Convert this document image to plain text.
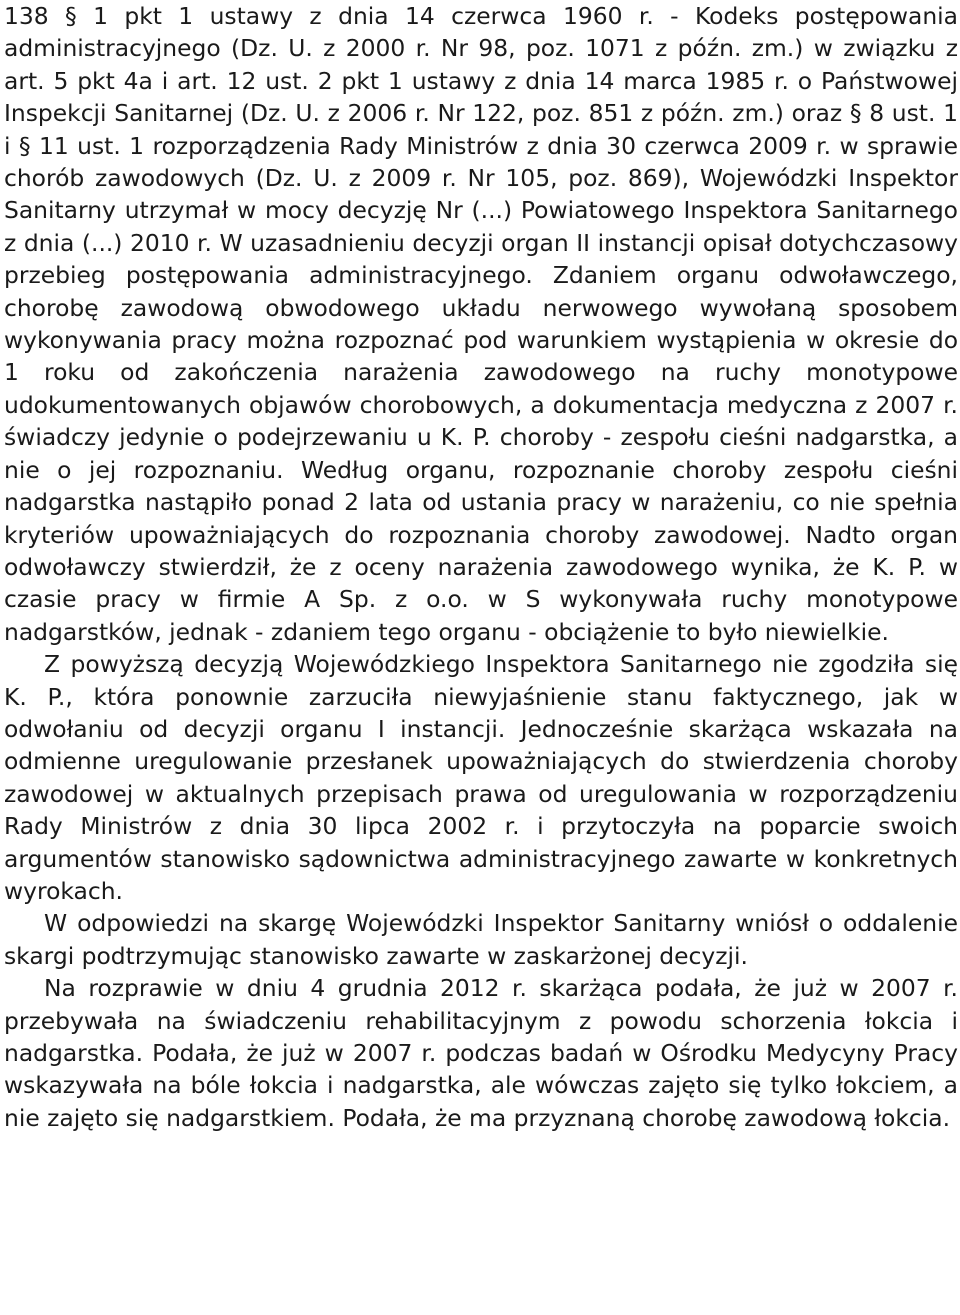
138 § 1 pkt 1 ustawy z dnia 14 czerwca 1960 r. - Kodeks postępowania administracyjnego (Dz. U. z 2000 r. Nr 98, poz. 1071 z późn. zm.) w związku z art. 5 pkt 4a i art. 12 ust. 2 pkt 1 ustawy z dnia 14 marca 1985 r. o Państwowej Inspekcji Sanitarnej (Dz. U. z 2006 r. Nr 122, poz. 851 z późn. zm.) oraz § 8 ust. 1 i § 11 ust. 1 rozporządzenia Rady Ministrów z dnia 30 czerwca 2009 r. w sprawie chorób zawodowych (Dz. U. z 2009 r. Nr 105, poz. 869), Wojewódzki Inspektor Sanitarny utrzymał w mocy decyzję Nr (...) Powiatowego Inspektora Sanitarnego z dnia (...) 2010 r. W uzasadnieniu decyzji organ II instancji opisał dotychczasowy przebieg postępowania administracyjnego. Zdaniem organu odwoławczego, chorobę zawodową obwodowego układu nerwowego wywołaną sposobem wykonywania pracy można rozpoznać pod warunkiem wystąpienia w okresie do 1 roku od zakończenia narażenia zawodowego na ruchy monotypowe udokumentowanych objawów chorobowych, a dokumentacja medyczna z 2007 r. świadczy jedynie o podejrzewaniu u K. P. choroby - zespołu cieśni nadgarstka, a nie o jej rozpoznaniu. Według organu, rozpoznanie choroby zespołu cieśni nadgarstka nastąpiło ponad 2 lata od ustania pracy w narażeniu, co nie spełnia kryteriów upoważniających do rozpoznania choroby zawodowej. Nadto organ odwoławczy stwierdził, że z oceny narażenia zawodowego wynika, że K. P. w czasie pracy w firmie A Sp. z o.o. w S wykonywała ruchy monotypowe nadgarstków, jednak - zdaniem tego organu - obciążenie to było niewielkie.

Z powyższą decyzją Wojewódzkiego Inspektora Sanitarnego nie zgodziła się K. P., która ponownie zarzuciła niewyjaśnienie stanu faktycznego, jak w odwołaniu od decyzji organu I instancji. Jednocześnie skarżąca wskazała na odmienne uregulowanie przesłanek upoważniających do stwierdzenia choroby zawodowej w aktualnych przepisach prawa od uregulowania w rozporządzeniu Rady Ministrów z dnia 30 lipca 2002 r. i przytoczyła na poparcie swoich argumentów stanowisko sądownictwa administracyjnego zawarte w konkretnych wyrokach.

W odpowiedzi na skargę Wojewódzki Inspektor Sanitarny wniósł o oddalenie skargi podtrzymując stanowisko zawarte w zaskarżonej decyzji.

Na rozprawie w dniu 4 grudnia 2012 r. skarżąca podała, że już w 2007 r. przebywała na świadczeniu rehabilitacyjnym z powodu schorzenia łokcia i nadgarstka. Podała, że już w 2007 r. podczas badań w Ośrodku Medycyny Pracy wskazywała na bóle łokcia i nadgarstka, ale wówczas zajęto się tylko łokciem, a nie zajęto się nadgarstkiem. Podała, że ma przyznaną chorobę zawodową łokcia.
